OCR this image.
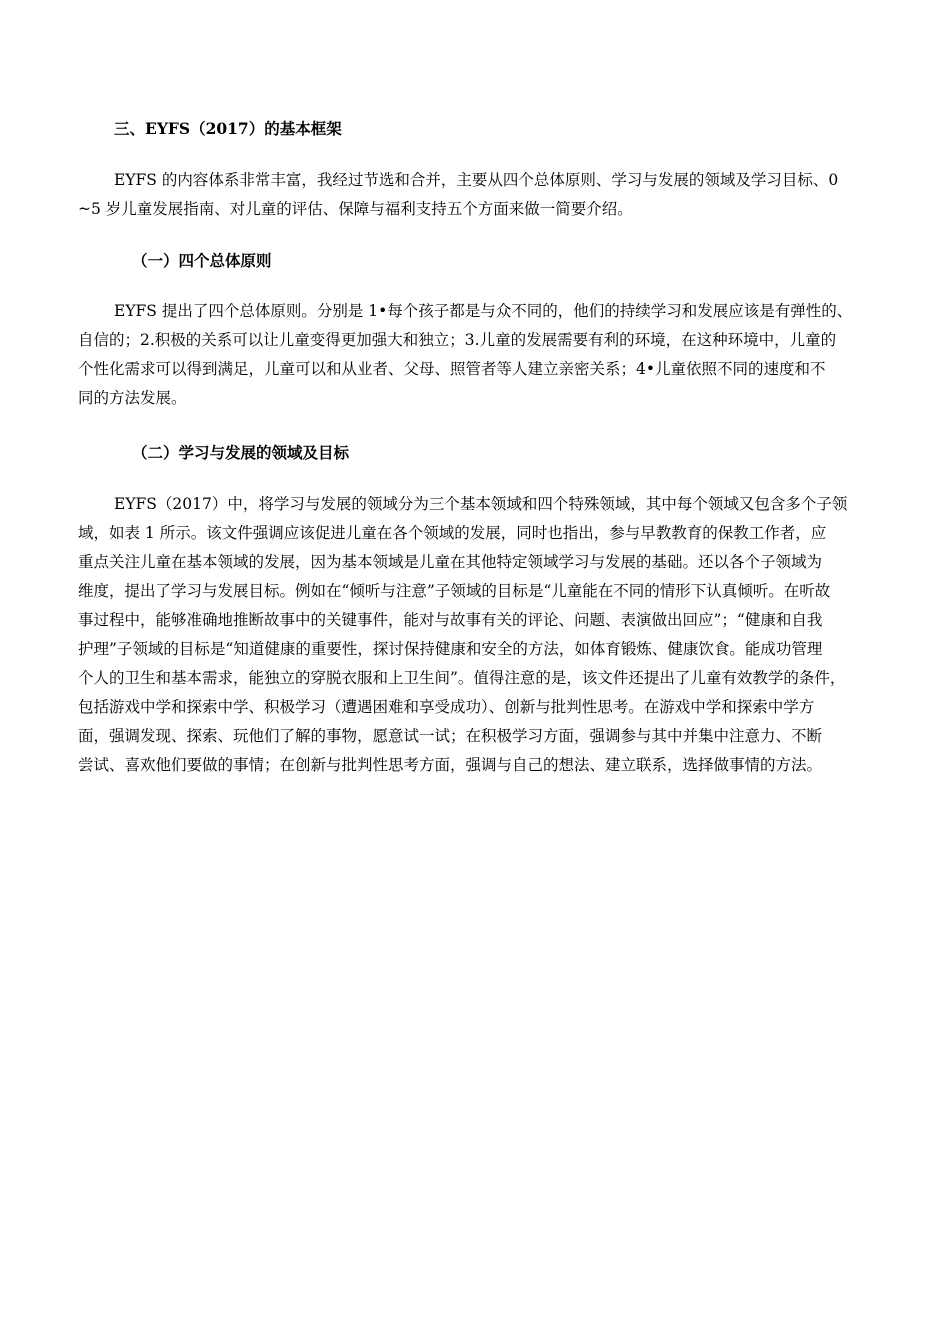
三、EYFS（2017）的基本框架

EYFS 的内容体系非常丰富，我经过节选和合并，主要从四个总体原则、学习与发展的领域及学习目标、0
~5 岁儿童发展指南、对儿童的评估、保障与福利支持五个方面来做一简要介绍。

（一）四个总体原则

EYFS 提出了四个总体原则。分别是 1•每个孩子都是与众不同的，他们的持续学习和发展应该是有弹性的、
自信的；2.积极的关系可以让儿童变得更加强大和独立；3.儿童的发展需要有利的环境，在这种环境中，儿童的
个性化需求可以得到满足，儿童可以和从业者、父母、照管者等人建立亲密关系；4•儿童依照不同的速度和不
同的方法发展。

（二）学习与发展的领域及目标

EYFS（2017）中，将学习与发展的领域分为三个基本领域和四个特殊领域，其中每个领域又包含多个子领
域，如表 1 所示。该文件强调应该促进儿童在各个领域的发展，同时也指出，参与早教教育的保教工作者，应
重点关注儿童在基本领域的发展，因为基本领域是儿童在其他特定领域学习与发展的基础。还以各个子领域为
维度，提出了学习与发展目标。例如在“倾听与注意”子领域的目标是“儿童能在不同的情形下认真倾听。在听故
事过程中，能够准确地推断故事中的关键事件，能对与故事有关的评论、问题、表演做出回应”；“健康和自我
护理”子领域的目标是“知道健康的重要性，探讨保持健康和安全的方法，如体育锻炼、健康饮食。能成功管理
个人的卫生和基本需求，能独立的穿脱衣服和上卫生间”。值得注意的是，该文件还提出了儿童有效教学的条件，
包括游戏中学和探索中学、积极学习（遭遇困难和享受成功）、创新与批判性思考。在游戏中学和探索中学方
面，强调发现、探索、玩他们了解的事物，愿意试一试；在积极学习方面，强调参与其中并集中注意力、不断
尝试、喜欢他们要做的事情；在创新与批判性思考方面，强调与自己的想法、建立联系，选择做事情的方法。
